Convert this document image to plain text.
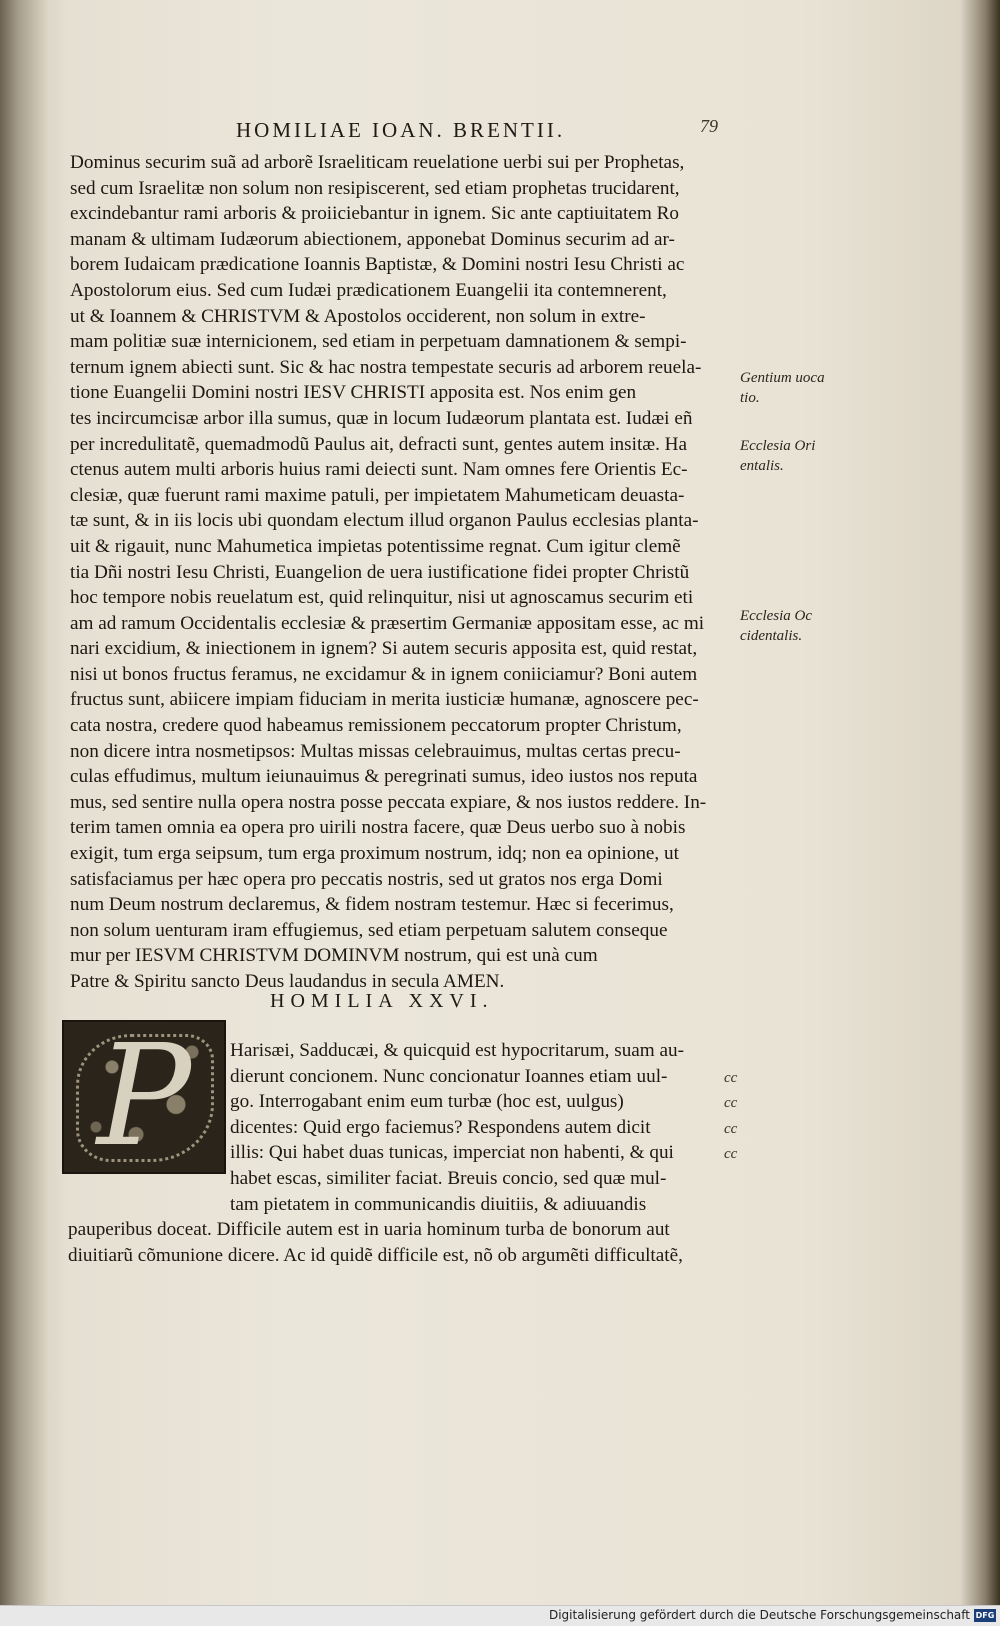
HOMILIAE IOAN. BRENTII.	79
Dominus securim suã ad arborẽ Israeliticam reuelatione uerbi sui per Prophetas,
sed cum Israelitæ non solum non resipiscerent, sed etiam prophetas trucidarent,
excindebantur rami arboris & proiiciebantur in ignem. Sic ante captiuitatem Ro
manam & ultimam Iudæorum abiectionem, apponebat Dominus securim ad ar-
borem Iudaicam prædicatione Ioannis Baptistæ, & Domini nostri Iesu Christi ac
Apostolorum eius. Sed cum Iudæi prædicationem Euangelii ita contemnerent,
ut & Ioannem & CHRISTVM & Apostolos occiderent, non solum in extre-
mam politiæ suæ internicionem, sed etiam in perpetuam damnationem & sempi-
ternum ignem abiecti sunt. Sic & hac nostra tempestate securis ad arborem reuela-
tione Euangelii Domini nostri IESV CHRISTI apposita est. Nos enim gen
tes incircumcisæ arbor illa sumus, quæ in locum Iudæorum plantata est. Iudæi eñ
per incredulitatẽ, quemadmodũ Paulus ait, defracti sunt, gentes autem insitæ. Ha
ctenus autem multi arboris huius rami deiecti sunt. Nam omnes fere Orientis Ec-
clesiæ, quæ fuerunt rami maxime patuli, per impietatem Mahumeticam deuasta-
tæ sunt, & in iis locis ubi quondam electum illud organon Paulus ecclesias planta-
uit & rigauit, nunc Mahumetica impietas potentissime regnat. Cum igitur clemẽ
tia Dñi nostri Iesu Christi, Euangelion de uera iustificatione fidei propter Christũ
hoc tempore nobis reuelatum est, quid relinquitur, nisi ut agnoscamus securim eti
am ad ramum Occidentalis ecclesiæ & præsertim Germaniæ appositam esse, ac mi
nari excidium, & iniectionem in ignem? Si autem securis apposita est, quid restat,
nisi ut bonos fructus feramus, ne excidamur & in ignem coniiciamur? Boni autem
fructus sunt, abiicere impiam fiduciam in merita iusticiæ humanæ, agnoscere pec-
cata nostra, credere quod habeamus remissionem peccatorum propter Christum,
non dicere intra nosmetipsos: Multas missas celebrauimus, multas certas precu-
culas effudimus, multum ieiunauimus & peregrinati sumus, ideo iustos nos reputa
mus, sed sentire nulla opera nostra posse peccata expiare, & nos iustos reddere. In-
terim tamen omnia ea opera pro uirili nostra facere, quæ Deus uerbo suo à nobis
exigit, tum erga seipsum, tum erga proximum nostrum, idq; non ea opinione, ut
satisfaciamus per hæc opera pro peccatis nostris, sed ut gratos nos erga Domi
num Deum nostrum declaremus, & fidem nostram testemur. Hæc si fecerimus,
non solum uenturam iram effugiemus, sed etiam perpetuam salutem conseque
mur per IESVM CHRISTVM DOMINVM nostrum, qui est unà cum
Patre & Spiritu sancto Deus laudandus in secula AMEN.
Gentium uoca tio.
Ecclesia Ori entalis.
Ecclesia Oc cidentalis.
HOMILIA XXVI.
P	Harisæi, Sadducæi, & quicquid est hypocritarum, suam au-
dierunt concionem. Nunc concionatur Ioannes etiam uul-
go. Interrogabant enim eum turbæ (hoc est, uulgus)
dicentes: Quid ergo faciemus? Respondens autem dicit
illis: Qui habet duas tunicas, imperciat non habenti, & qui
habet escas, similiter faciat. Breuis concio, sed quæ mul-
tam pietatem in communicandis diuitiis, & adiuuandis
pauperibus doceat. Difficile autem est in uaria hominum turba de bonorum aut
diuitiarũ cõmunione dicere. Ac id quidẽ difficile est, nõ ob argumẽti difficultatẽ,
cc
cc
cc
cc
Digitalisierung gefördert durch die Deutsche Forschungsgemeinschaft DFG
